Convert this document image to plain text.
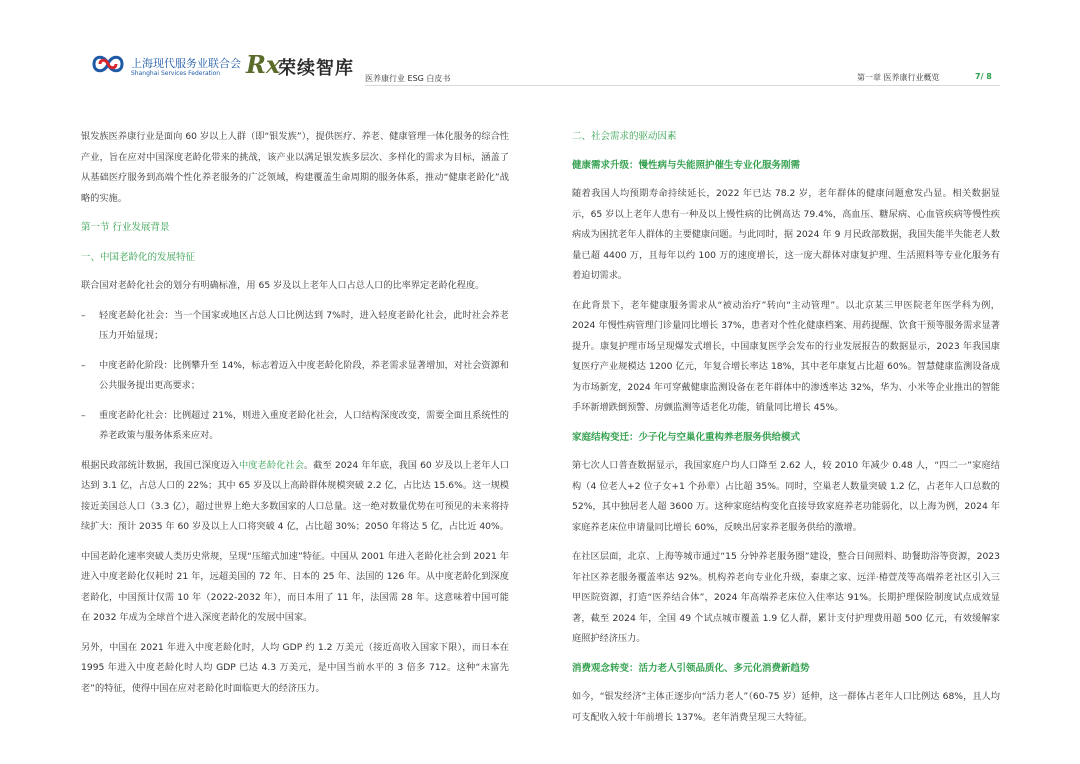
上海现代服务业联合会
Shanghai Services Federation Rx
荣续智库 医养康行业 ESG 白皮书	第一章 医养康行业概览	7/ 8

银发族医养康行业是面向 60 岁以上人群（即“银发族”），提供医疗、养老、健康管理一体化服务的综合性产业，旨在应对中国深度老龄化带来的挑战，该产业以满足银发族多层次、多样化的需求为目标，涵盖了从基础医疗服务到高端个性化养老服务的广泛领域，构建覆盖生命周期的服务体系，推动“健康老龄化”战略的实施。

第一节 行业发展背景
一、中国老龄化的发展特征

联合国对老龄化社会的划分有明确标准，用 65 岁及以上老年人口占总人口的比率界定老龄化程度。

– 轻度老龄化社会：当一个国家或地区占总人口比例达到 7%时，进入轻度老龄化社会，此时社会养老压力开始显现；
– 中度老龄化阶段：比例攀升至 14%，标志着迈入中度老龄化阶段，养老需求显著增加，对社会资源和公共服务提出更高要求；
– 重度老龄化社会：比例超过 21%，则进入重度老龄化社会，人口结构深度改变，需要全面且系统性的养老政策与服务体系来应对。

根据民政部统计数据，我国已深度迈入中度老龄化社会。截至 2024 年年底，我国 60 岁及以上老年人口达到 3.1 亿，占总人口的 22%；其中 65 岁及以上高龄群体规模突破 2.2 亿，占比达 15.6%。这一规模接近美国总人口（3.3 亿），超过世界上绝大多数国家的人口总量。这一绝对数量优势在可预见的未来将持续扩大：预计 2035 年 60 岁及以上人口将突破 4 亿，占比超 30%；2050 年将达 5 亿，占比近 40%。

中国老龄化速率突破人类历史常规，呈现“压缩式加速”特征。中国从 2001 年进入老龄化社会到 2021 年进入中度老龄化仅耗时 21 年，远超美国的 72 年、日本的 25 年、法国的 126 年。从中度老龄化到深度老龄化，中国预计仅需 10 年（2022-2032 年），而日本用了 11 年，法国需 28 年。这意味着中国可能在 2032 年成为全球首个进入深度老龄化的发展中国家。

另外，中国在 2021 年进入中度老龄化时，人均 GDP 约 1.2 万美元（接近高收入国家下限），而日本在 1995 年进入中度老龄化时人均 GDP 已达 4.3 万美元，是中国当前水平的 3 倍多 712。这种“未富先老”的特征，使得中国在应对老龄化时面临更大的经济压力。

二、社会需求的驱动因素
健康需求升级：慢性病与失能照护催生专业化服务刚需

随着我国人均预期寿命持续延长，2022 年已达 78.2 岁，老年群体的健康问题愈发凸显。相关数据显示，65 岁以上老年人患有一种及以上慢性病的比例高达 79.4%，高血压、糖尿病、心血管疾病等慢性疾病成为困扰老年人群体的主要健康问题。与此同时，据 2024 年 9 月民政部数据，我国失能半失能老人数量已超 4400 万，且每年以约 100 万的速度增长，这一庞大群体对康复护理、生活照料等专业化服务有着迫切需求。

在此背景下，老年健康服务需求从“被动治疗”转向“主动管理”。以北京某三甲医院老年医学科为例，2024 年慢性病管理门诊量同比增长 37%，患者对个性化健康档案、用药提醒、饮食干预等服务需求显著提升。康复护理市场呈现爆发式增长，中国康复医学会发布的行业发展报告的数据显示，2023 年我国康复医疗产业规模达 1200 亿元，年复合增长率达 18%，其中老年康复占比超 60%。智慧健康监测设备成为市场新宠，2024 年可穿戴健康监测设备在老年群体中的渗透率达 32%，华为、小米等企业推出的智能手环新增跌倒预警、房颤监测等适老化功能，销量同比增长 45%。

家庭结构变迁：少子化与空巢化重构养老服务供给模式

第七次人口普查数据显示，我国家庭户均人口降至 2.62 人，较 2010 年减少 0.48 人，“四二一”家庭结构（4 位老人+2 位子女+1 个孙辈）占比超 35%。同时，空巢老人数量突破 1.2 亿，占老年人口总数的 52%，其中独居老人超 3600 万。这种家庭结构变化直接导致家庭养老功能弱化，以上海为例，2024 年家庭养老床位申请量同比增长 60%，反映出居家养老服务供给的激增。

在社区层面，北京、上海等城市通过“15 分钟养老服务圈”建设，整合日间照料、助餐助浴等资源，2023 年社区养老服务覆盖率达 92%。机构养老向专业化升级，泰康之家、远洋·椿萱茂等高端养老社区引入三甲医院资源，打造“医养结合体”，2024 年高端养老床位入住率达 91%。长期护理保险制度试点成效显著，截至 2024 年，全国 49 个试点城市覆盖 1.9 亿人群，累计支付护理费用超 500 亿元，有效缓解家庭照护经济压力。

消费观念转变：活力老人引领品质化、多元化消费新趋势

如今，“银发经济”主体正逐步向“活力老人”（60-75 岁）延伸，这一群体占老年人口比例达 68%，且人均可支配收入较十年前增长 137%。老年消费呈现三大特征。
